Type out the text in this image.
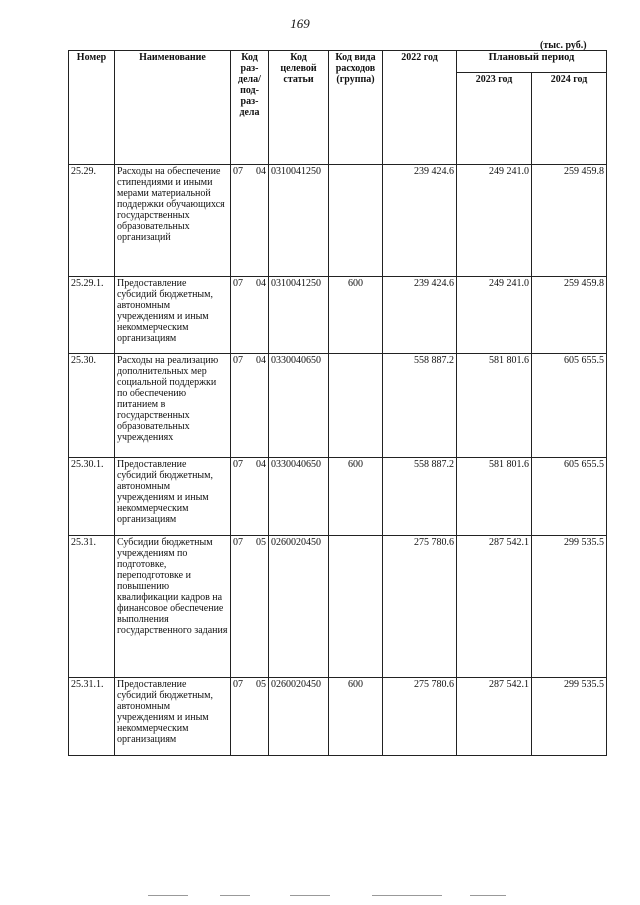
169
(тыс. руб.)
Номер	Наименование	Код раз-дела/ под-раз-дела	Код целевой статьи	Код вида расходов (группа)	2022 год	Плановый период	
						2023 год	2024 год
25.29.	Расходы на обеспечение стипендиями и иными мерами материальной поддержки обучающихся государственных образовательных организаций	07 04	0310041250		239 424.6	249 241.0	259 459.8
25.29.1.	Предоставление субсидий бюджетным, автономным учреждениям и иным некоммерческим организациям	07 04	0310041250	600	239 424.6	249 241.0	259 459.8
25.30.	Расходы на реализацию дополнительных мер социальной поддержки по обеспечению питанием в государственных образовательных учреждениях	07 04	0330040650		558 887.2	581 801.6	605 655.5
25.30.1.	Предоставление субсидий бюджетным, автономным учреждениям и иным некоммерческим организациям	07 04	0330040650	600	558 887.2	581 801.6	605 655.5
25.31.	Субсидии бюджетным учреждениям по подготовке, переподготовке и повышению квалификации кадров на финансовое обеспечение выполнения государственного задания	07 05	0260020450		275 780.6	287 542.1	299 535.5
25.31.1.	Предоставление субсидий бюджетным, автономным учреждениям и иным некоммерческим организациям	07 05	0260020450	600	275 780.6	287 542.1	299 535.5
